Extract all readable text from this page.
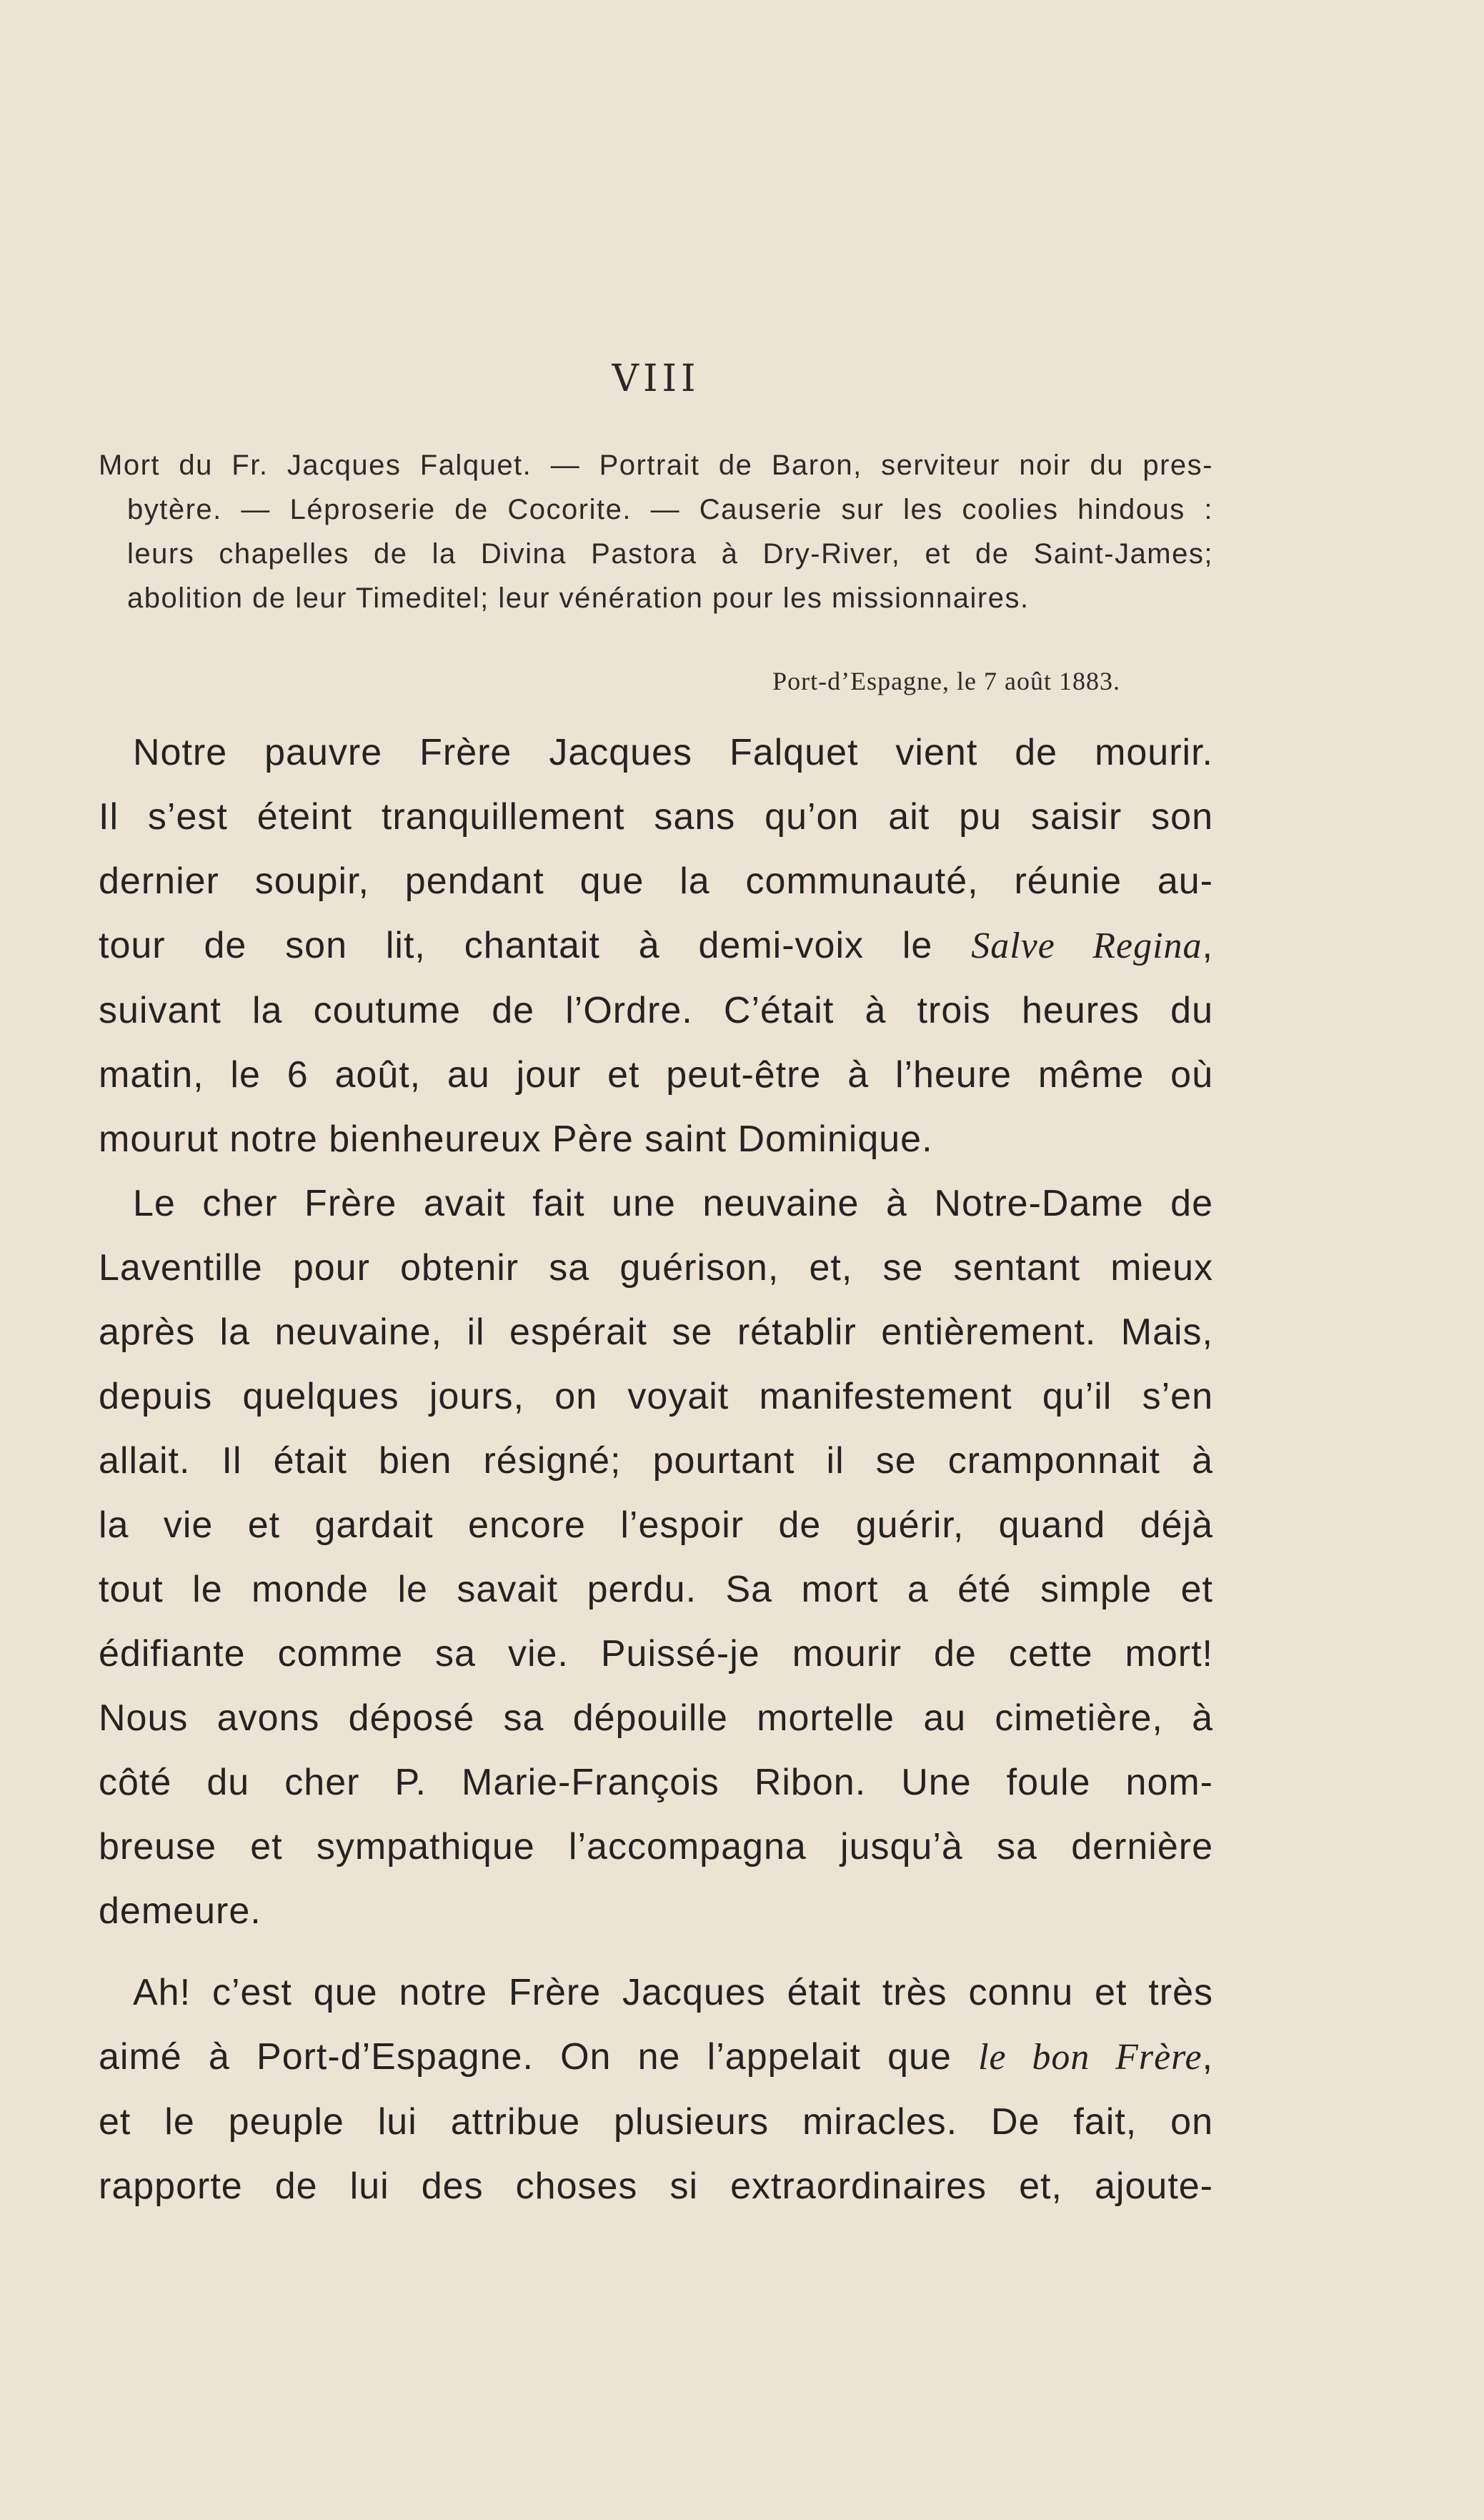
VIII
Mort du Fr. Jacques Falquet. — Portrait de Baron, serviteur noir du pres-
bytère. — Léproserie de Cocorite. — Causerie sur les coolies hindous :
leurs chapelles de la Divina Pastora à Dry-River, et de Saint-James;
abolition de leur Timeditel; leur vénération pour les missionnaires.
Port-d’Espagne, le 7 août 1883.
Notre pauvre Frère Jacques Falquet vient de mourir.
Il s’est éteint tranquillement sans qu’on ait pu saisir son
dernier soupir, pendant que la communauté, réunie au-
tour de son lit, chantait à demi-voix le Salve Regina,
suivant la coutume de l’Ordre. C’était à trois heures du
matin, le 6 août, au jour et peut-être à l’heure même où
mourut notre bienheureux Père saint Dominique.
Le cher Frère avait fait une neuvaine à Notre-Dame de
Laventille pour obtenir sa guérison, et, se sentant mieux
après la neuvaine, il espérait se rétablir entièrement. Mais,
depuis quelques jours, on voyait manifestement qu’il s’en
allait. Il était bien résigné; pourtant il se cramponnait à
la vie et gardait encore l’espoir de guérir, quand déjà
tout le monde le savait perdu. Sa mort a été simple et
édifiante comme sa vie. Puissé-je mourir de cette mort!
Nous avons déposé sa dépouille mortelle au cimetière, à
côté du cher P. Marie-François Ribon. Une foule nom-
breuse et sympathique l’accompagna jusqu’à sa dernière
demeure.
Ah! c’est que notre Frère Jacques était très connu et très
aimé à Port-d’Espagne. On ne l’appelait que le bon Frère,
et le peuple lui attribue plusieurs miracles. De fait, on
rapporte de lui des choses si extraordinaires et, ajoute-
